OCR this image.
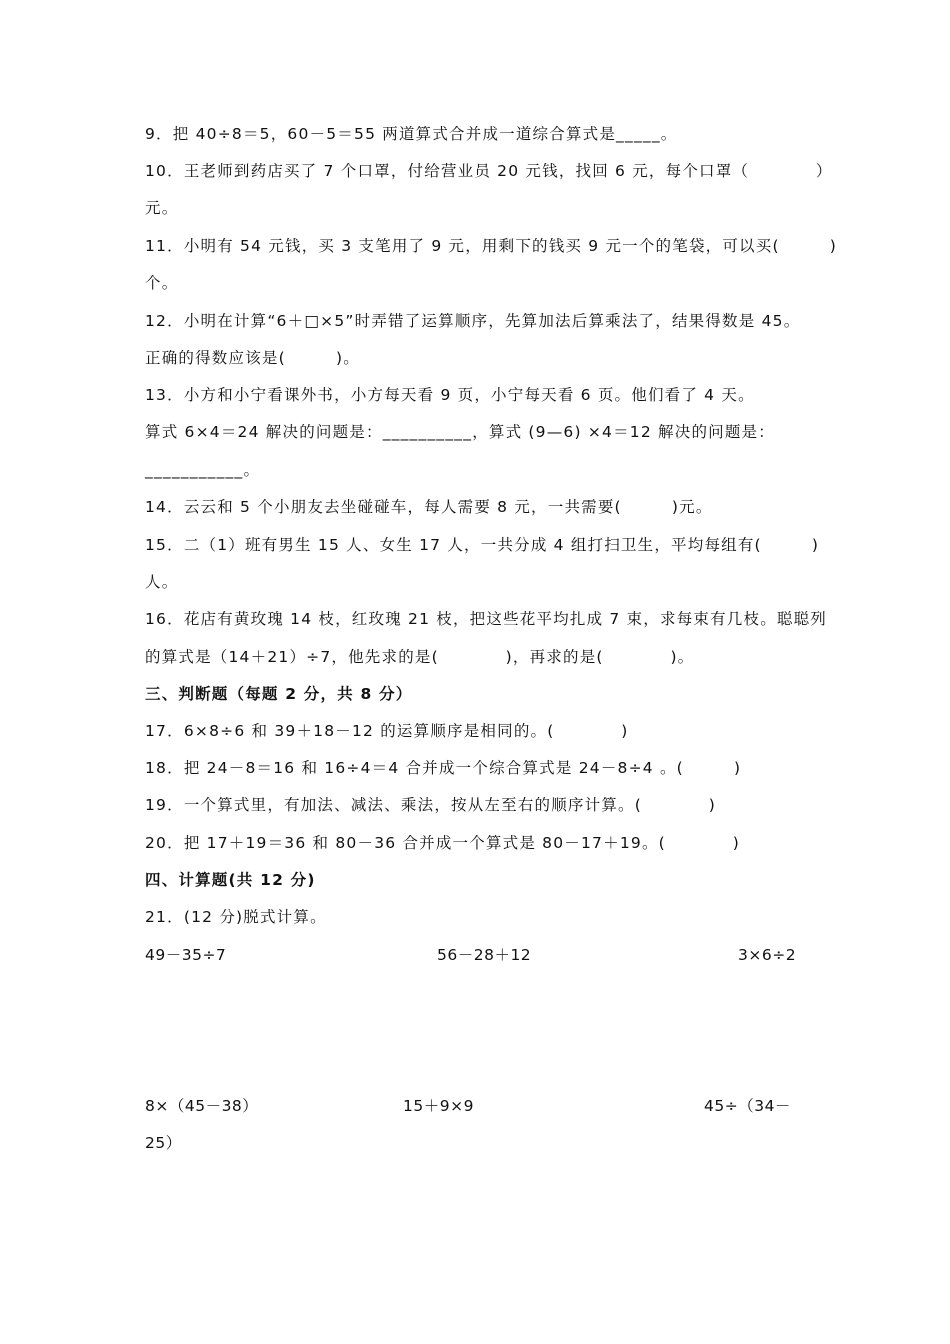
9．把 40÷8＝5，60－5＝55 两道算式合并成一道综合算式是_____。
10．王老师到药店买了 7 个口罩，付给营业员 20 元钱，找回 6 元，每个口罩（　　　　）
元。
11．小明有 54 元钱，买 3 支笔用了 9 元，用剩下的钱买 9 元一个的笔袋，可以买(　　　)
个。
12．小明在计算“6＋□×5”时弄错了运算顺序，先算加法后算乘法了，结果得数是 45。
正确的得数应该是(　　　)。
13．小方和小宁看课外书，小方每天看 9 页，小宁每天看 6 页。他们看了 4 天。
算式 6×4＝24 解决的问题是：__________，算式 (9—6) ×4＝12 解决的问题是：
___________。
14．云云和 5 个小朋友去坐碰碰车，每人需要 8 元，一共需要(　　　)元。
15．二（1）班有男生 15 人、女生 17 人，一共分成 4 组打扫卫生，平均每组有(　　　)
人。
16．花店有黄玫瑰 14 枝，红玫瑰 21 枝，把这些花平均扎成 7 束，求每束有几枝。聪聪列
的算式是（14＋21）÷7，他先求的是(　　　　)，再求的是(　　　　)。
三、判断题（每题 2 分，共 8 分）
17．6×8÷6 和 39＋18－12 的运算顺序是相同的。(　　　　)
18．把 24－8＝16 和 16÷4＝4 合并成一个综合算式是 24－8÷4 。(　　　)
19．一个算式里，有加法、减法、乘法，按从左至右的顺序计算。(　　　　)
20．把 17＋19＝36 和 80－36 合并成一个算式是 80－17＋19。(　　　　)
四、计算题(共 12 分)
21．(12 分)脱式计算。
49－35÷7	56－28＋12	3×6÷2
8×（45－38）	15＋9×9	45÷（34－
25）
